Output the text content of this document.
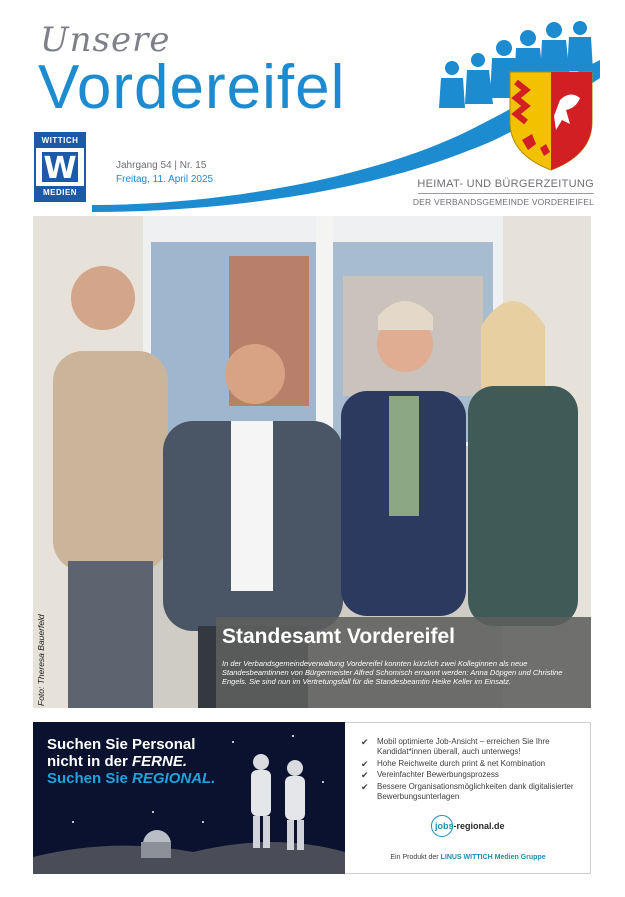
Unsere
Vordereifel
WITTICH
W
MEDIEN
Jahrgang 54 | Nr. 15
Freitag, 11. April 2025	HEIMAT- UND BÜRGERZEITUNG
DER VERBANDSGEMEINDE VORDEREIFEL
Foto: Theresa Bauerfeld	Standesamt Vordereifel
In der Verbandsgemeindeverwaltung Vordereifel konnten kürzlich zwei Kolleginnen als neue Standesbeamtinnen von Bürgermeister Alfred Schomisch ernannt werden: Anna Döpgen und Christine Engels. Sie sind nun im Vertretungsfall für die Standesbeamtin Heike Keller im Einsatz.
Suchen Sie Personal
nicht in der FERNE.
Suchen Sie REGIONAL.
✔ Mobil optimierte Job-Ansicht – erreichen Sie Ihre Kandidat*innen überall, auch unterwegs!
✔ Hohe Reichweite durch print & net Kombination
✔ Vereinfachter Bewerbungsprozess
✔ Bessere Organisationsmöglichkeiten dank digitalisierter Bewerbungsunterlagen
jobs-regional.de
Ein Produkt der LINUS WITTICH Medien Gruppe
